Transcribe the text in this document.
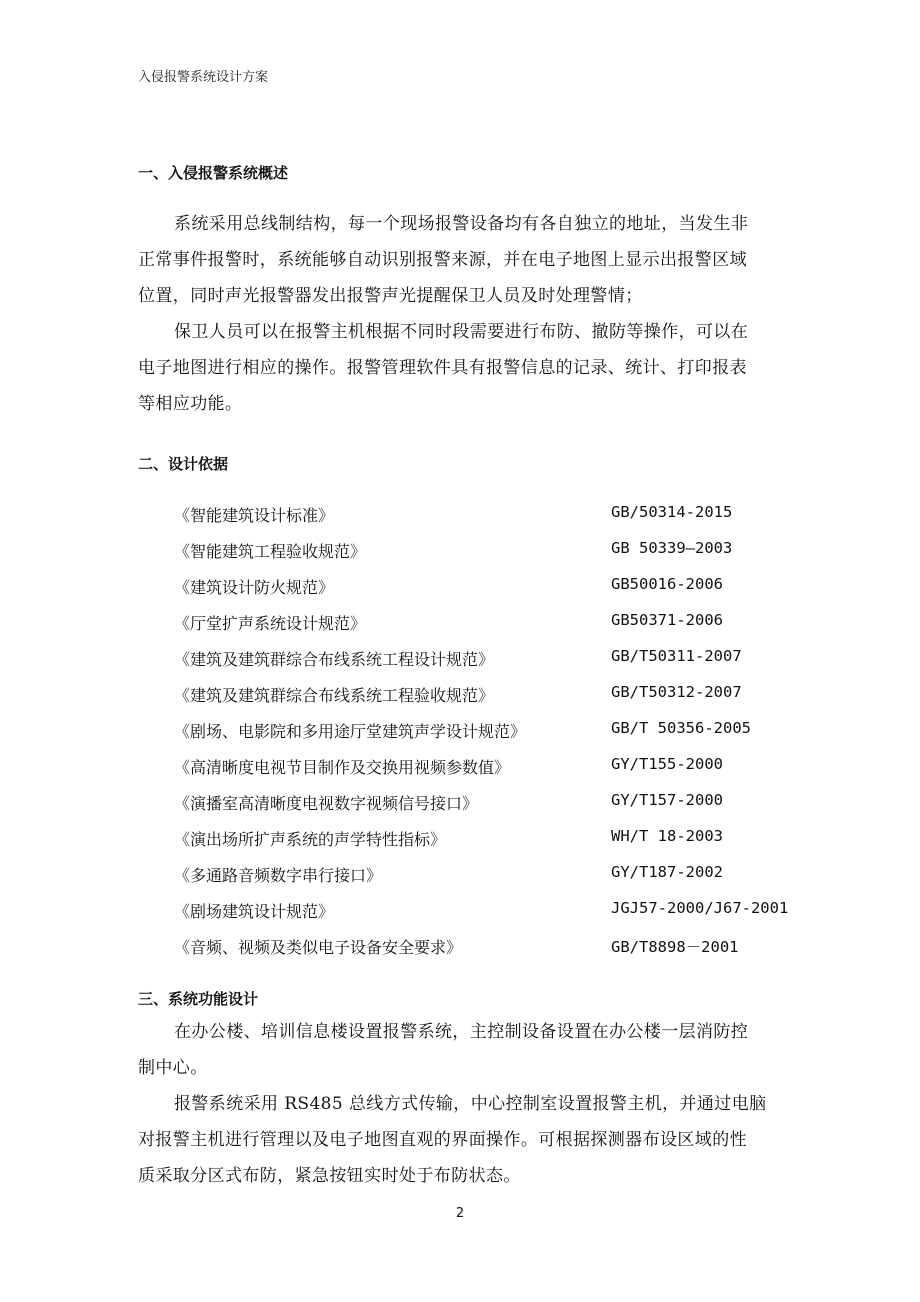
入侵报警系统设计方案
一、入侵报警系统概述
系统采用总线制结构，每一个现场报警设备均有各自独立的地址，当发生非
正常事件报警时，系统能够自动识别报警来源，并在电子地图上显示出报警区域
位置，同时声光报警器发出报警声光提醒保卫人员及时处理警情；
保卫人员可以在报警主机根据不同时段需要进行布防、撤防等操作，可以在
电子地图进行相应的操作。报警管理软件具有报警信息的记录、统计、打印报表
等相应功能。
二、设计依据
《智能建筑设计标准》	GB/50314-2015
《智能建筑工程验收规范》	GB 50339—2003
《建筑设计防火规范》	GB50016-2006
《厅堂扩声系统设计规范》	GB50371-2006
《建筑及建筑群综合布线系统工程设计规范》	GB/T50311-2007
《建筑及建筑群综合布线系统工程验收规范》	GB/T50312-2007
《剧场、电影院和多用途厅堂建筑声学设计规范》	GB/T 50356-2005
《高清晰度电视节目制作及交换用视频参数值》	GY/T155-2000
《演播室高清晰度电视数字视频信号接口》	GY/T157-2000
《演出场所扩声系统的声学特性指标》	WH/T 18-2003
《多通路音频数字串行接口》	GY/T187-2002
《剧场建筑设计规范》	JGJ57-2000/J67-2001
《音频、视频及类似电子设备安全要求》	GB/T8898－2001
三、系统功能设计
在办公楼、培训信息楼设置报警系统，主控制设备设置在办公楼一层消防控
制中心。
报警系统采用 RS485 总线方式传输，中心控制室设置报警主机，并通过电脑
对报警主机进行管理以及电子地图直观的界面操作。可根据探测器布设区域的性
质采取分区式布防，紧急按钮实时处于布防状态。
2
